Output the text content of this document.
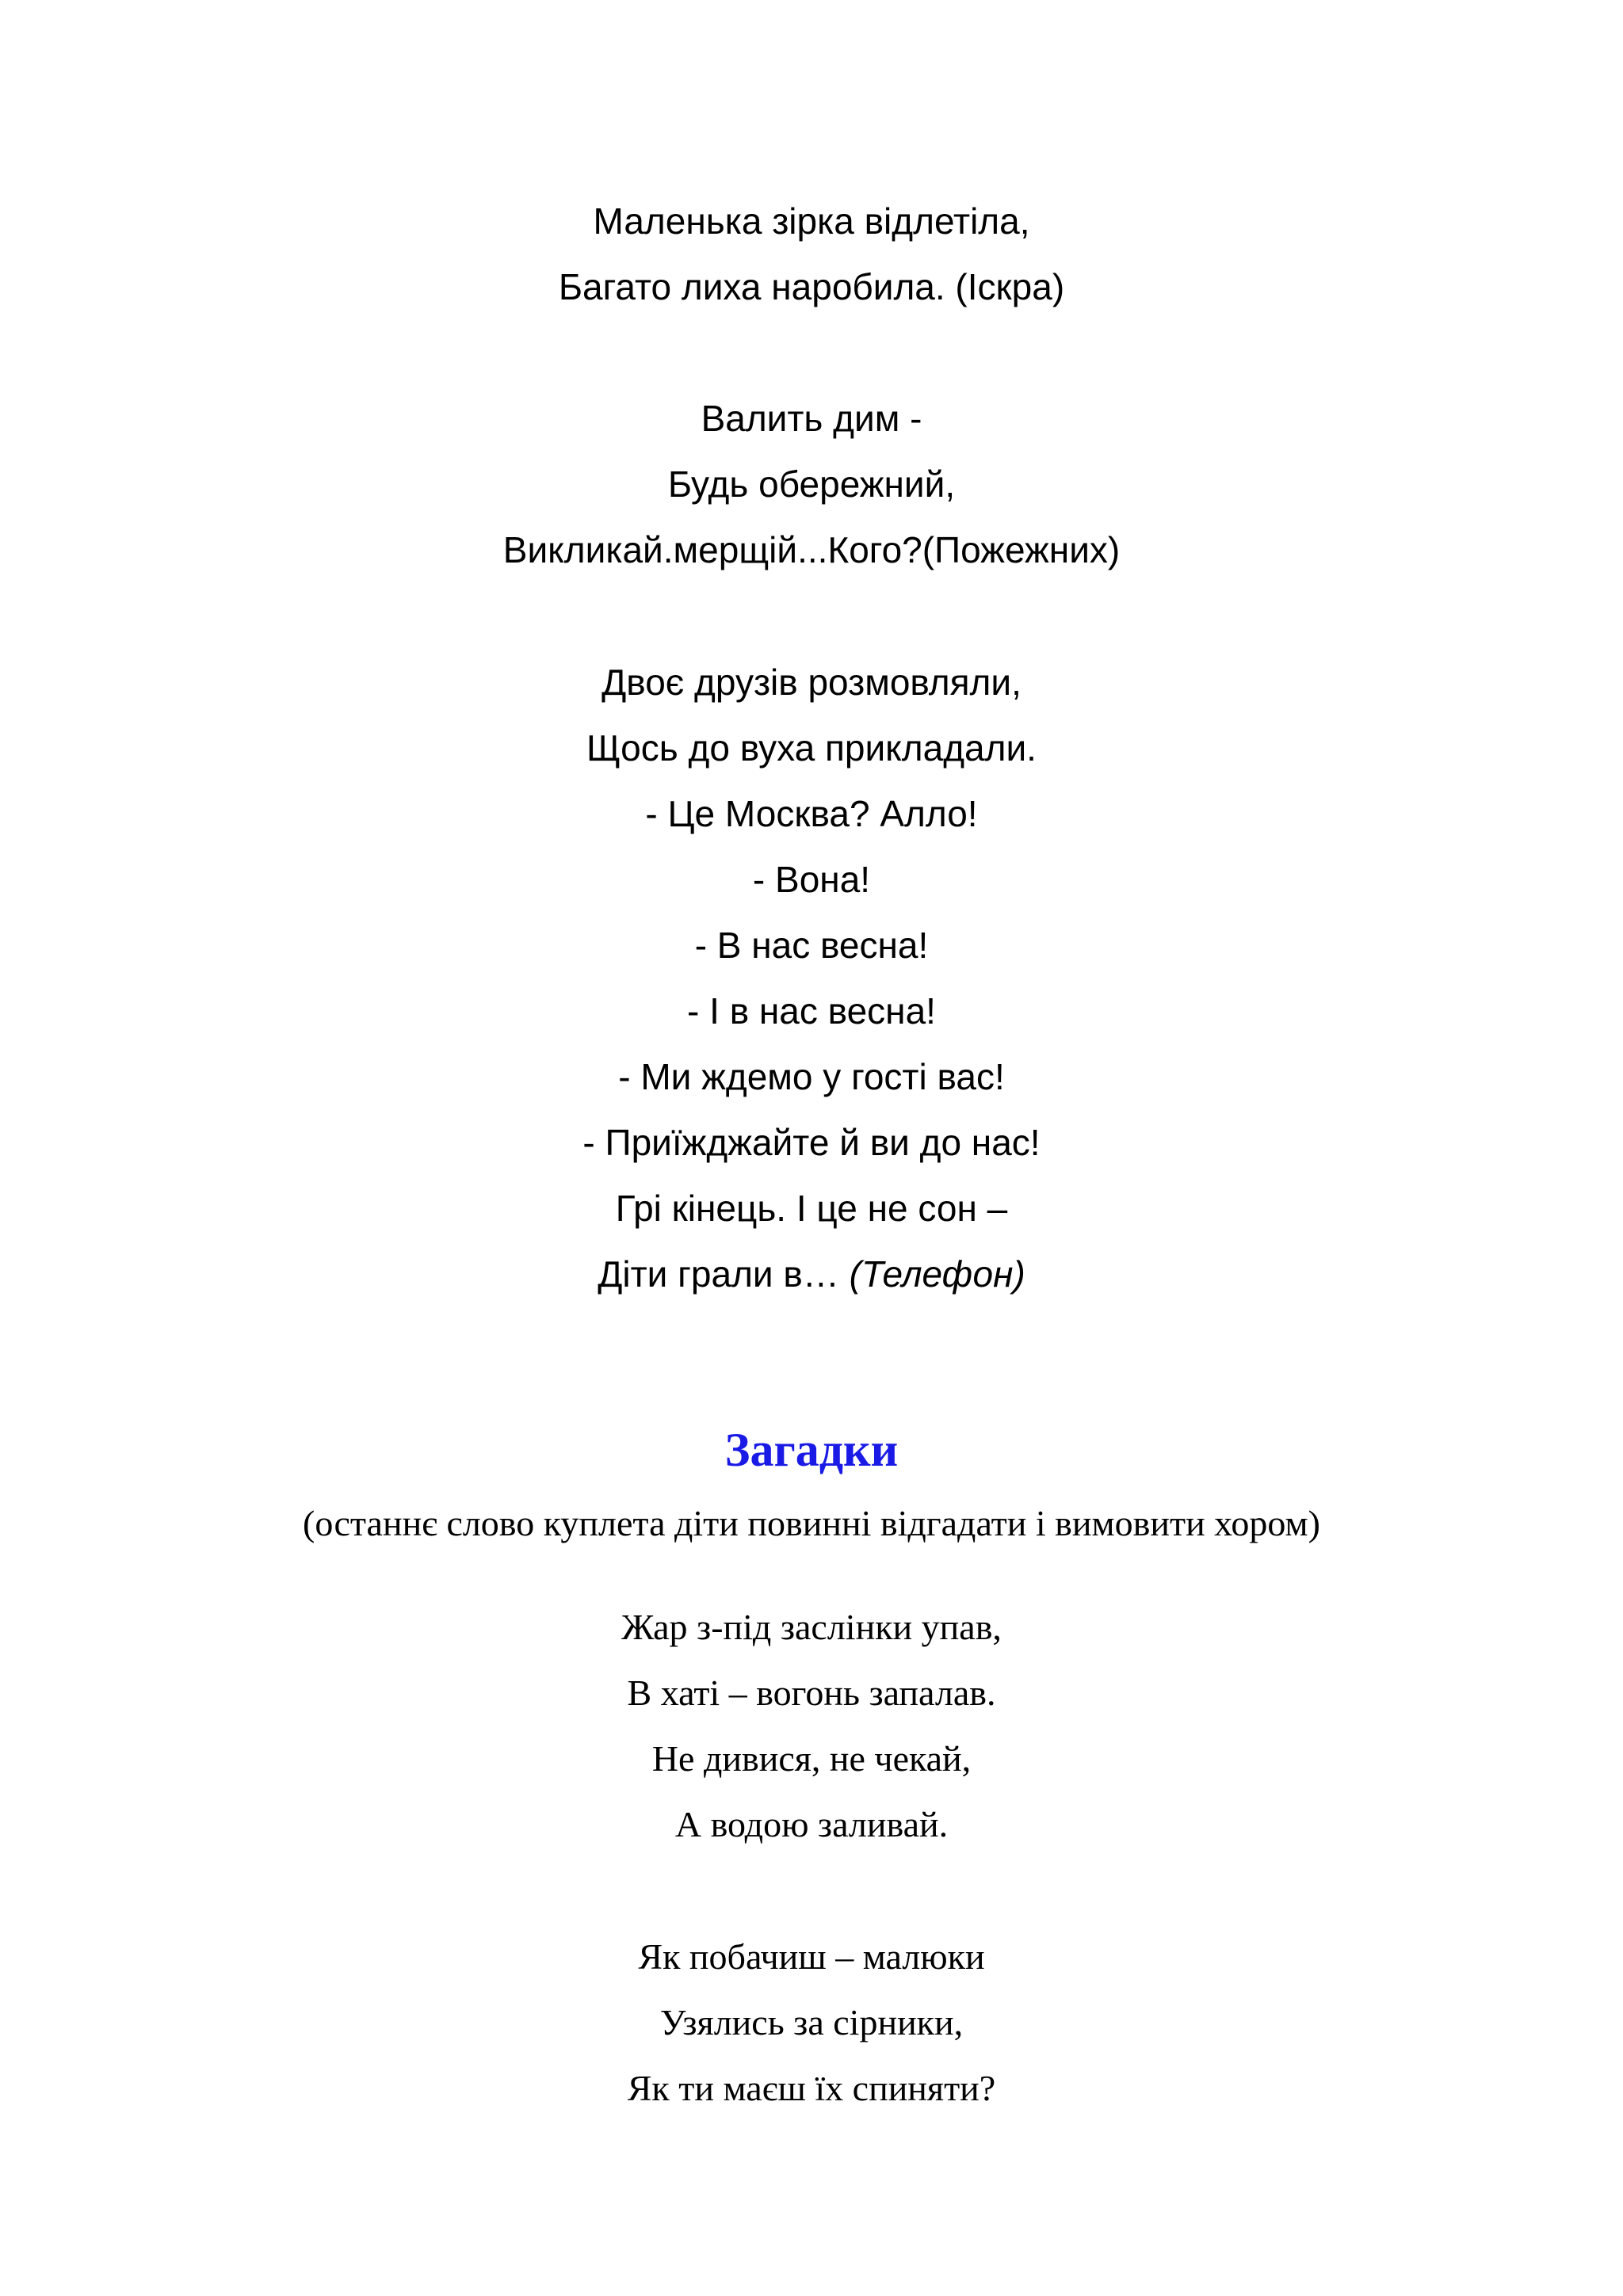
Маленька зірка відлетіла,
Багато лиха наробила. (Іскра)
Валить дим -
Будь обережний,
Викликай.мерщій...Кого?(Пожежних)
Двоє друзів розмовляли,
Щось до вуха прикладали.
- Це Москва? Алло!
- Вона!
- В нас весна!
- І в нас весна!
- Ми ждемо у гості вас!
- Приїжджайте й ви до нас!
Грі кінець. І це не сон –
Діти грали в… (Телефон)
Загадки
(останнє слово куплета діти повинні відгадати і вимовити хором)
Жар з-під заслінки упав,
В хаті – вогонь запалав.
Не дивися, не чекай,
А водою заливай.
Як побачиш – малюки
Узялись за сірники,
Як ти маєш їх спиняти?
